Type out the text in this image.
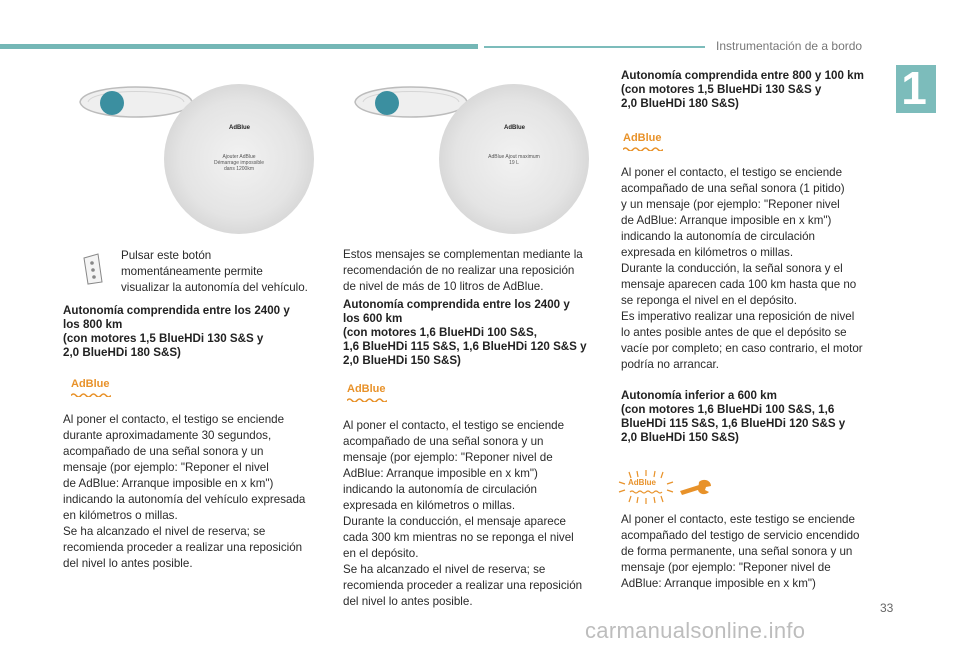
Instrumentación de a bordo
1
AdBlue
Ajouter AdBlue
Démarrage impossible
dans 1200km
AdBlue
AdBlue Ajout maximum
19 L
Pulsar este botón
momentáneamente permite
visualizar la autonomía del vehículo.
Autonomía comprendida entre los 2400 y
los 800 km
(con motores 1,5 BlueHDi 130 S&S y
2,0 BlueHDi 180 S&S)
AdBlue
Al poner el contacto, el testigo se enciende
durante aproximadamente 30 segundos,
acompañado de una señal sonora y un
mensaje (por ejemplo: "Reponer el nivel
de AdBlue: Arranque imposible en x km")
indicando la autonomía del vehículo expresada
en kilómetros o millas.
Se ha alcanzado el nivel de reserva; se
recomienda proceder a realizar una reposición
del nivel lo antes posible.
Estos mensajes se complementan mediante la
recomendación de no realizar una reposición
de nivel de más de 10 litros de AdBlue.
Autonomía comprendida entre los 2400 y
los 600 km
(con motores 1,6 BlueHDi 100 S&S,
1,6 BlueHDi 115 S&S, 1,6 BlueHDi 120 S&S y
2,0 BlueHDi 150 S&S)
AdBlue
Al poner el contacto, el testigo se enciende
acompañado de una señal sonora y un
mensaje (por ejemplo: "Reponer nivel de
AdBlue: Arranque imposible en x km")
indicando la autonomía de circulación
expresada en kilómetros o millas.
Durante la conducción, el mensaje aparece
cada 300 km mientras no se reponga el nivel
en el depósito.
Se ha alcanzado el nivel de reserva; se
recomienda proceder a realizar una reposición
del nivel lo antes posible.
Autonomía comprendida entre 800 y 100 km
(con motores 1,5 BlueHDi 130 S&S y
2,0 BlueHDi 180 S&S)
AdBlue
Al poner el contacto, el testigo se enciende
acompañado de una señal sonora (1 pitido)
y un mensaje (por ejemplo: "Reponer nivel
de AdBlue: Arranque imposible en x km")
indicando la autonomía de circulación
expresada en kilómetros o millas.
Durante la conducción, la señal sonora y el
mensaje aparecen cada 100 km hasta que no
se reponga el nivel en el depósito.
Es imperativo realizar una reposición de nivel
lo antes posible antes de que el depósito se
vacíe por completo; en caso contrario, el motor
podría no arrancar.
Autonomía inferior a 600 km
(con motores 1,6 BlueHDi 100 S&S, 1,6
BlueHDi 115 S&S, 1,6 BlueHDi 120 S&S y
2,0 BlueHDi 150 S&S)
AdBlue
Al poner el contacto, este testigo se enciende
acompañado del testigo de servicio encendido
de forma permanente, una señal sonora y un
mensaje (por ejemplo: "Reponer nivel de
AdBlue: Arranque imposible en x km")
33
carmanualsonline.info
